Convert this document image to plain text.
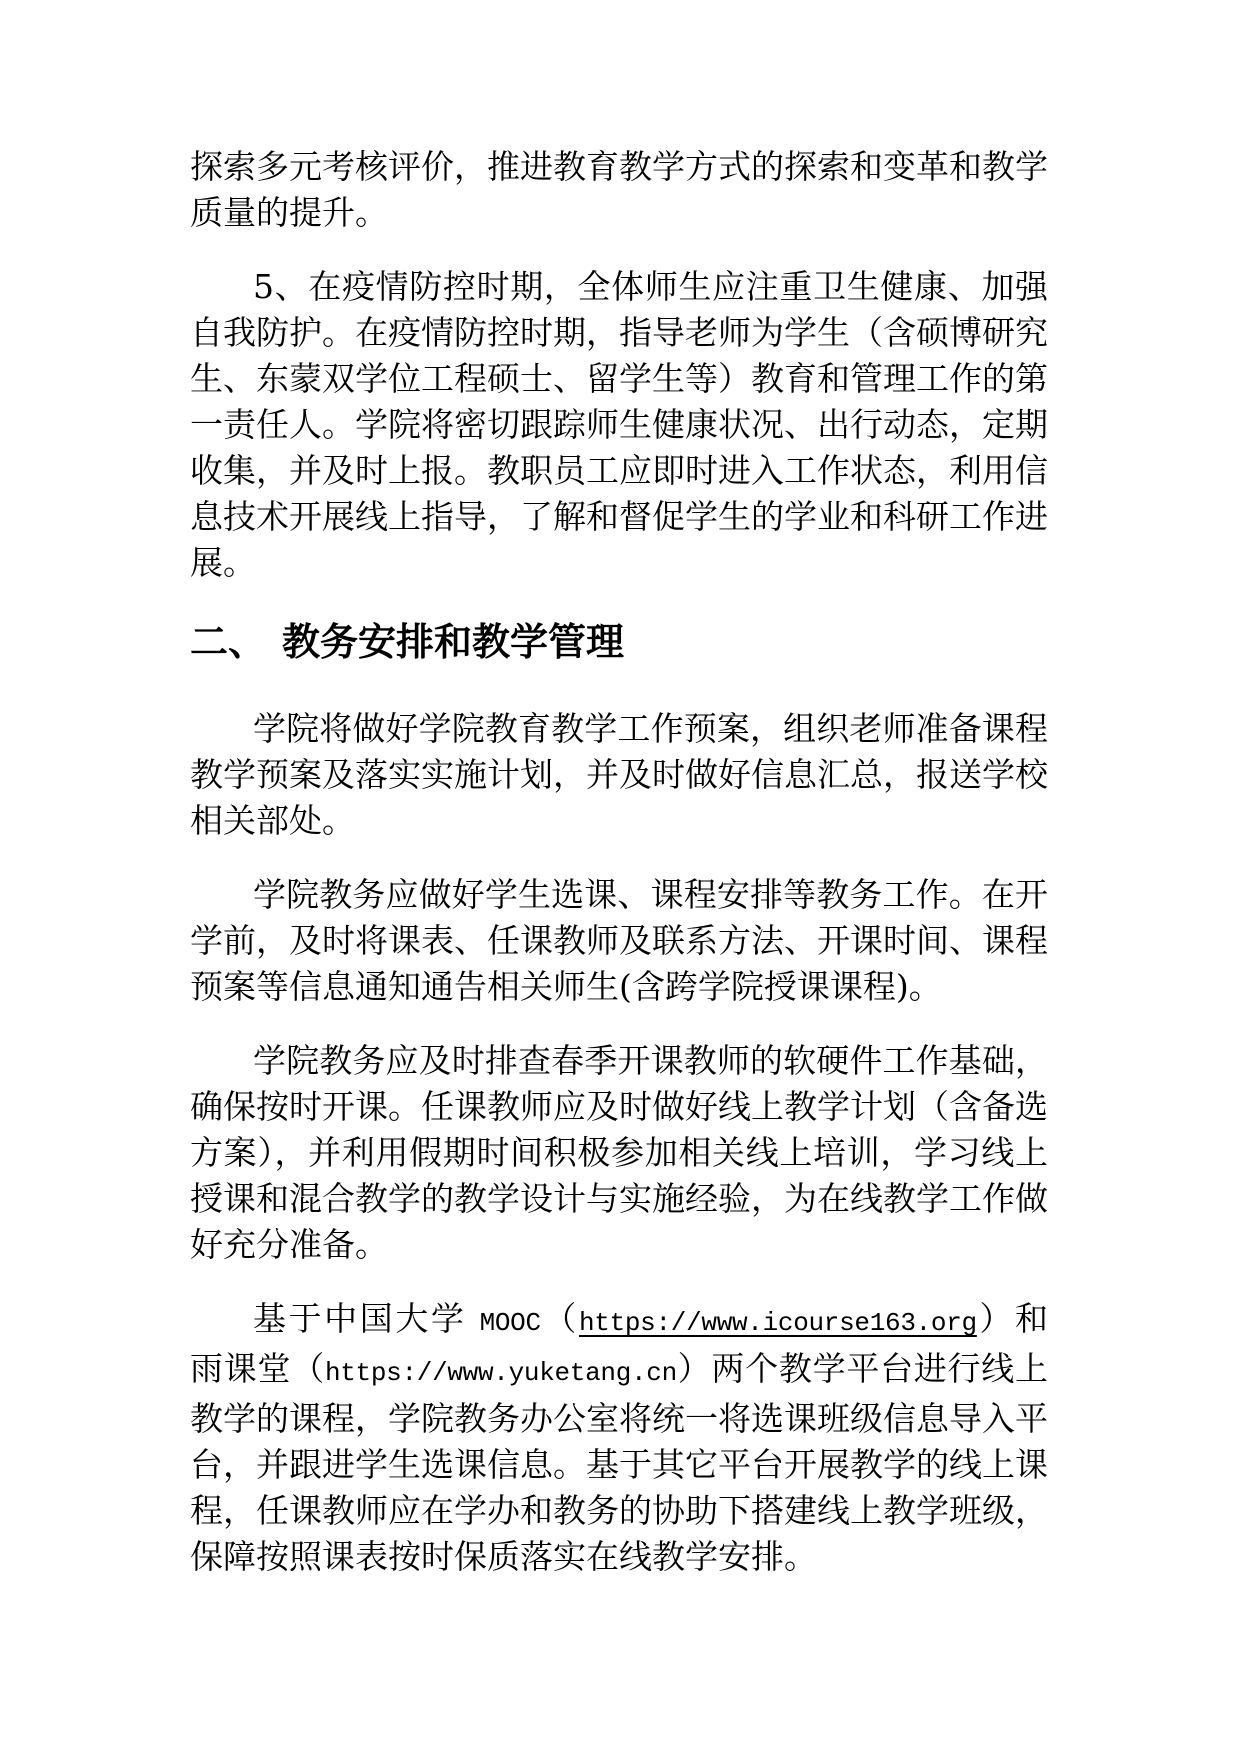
探索多元考核评价，推进教育教学方式的探索和变革和教学质量的提升。

5、在疫情防控时期，全体师生应注重卫生健康、加强自我防护。在疫情防控时期，指导老师为学生（含硕博研究生、东蒙双学位工程硕士、留学生等）教育和管理工作的第一责任人。学院将密切跟踪师生健康状况、出行动态，定期收集，并及时上报。教职员工应即时进入工作状态，利用信息技术开展线上指导，了解和督促学生的学业和科研工作进展。

二、 教务安排和教学管理

学院将做好学院教育教学工作预案，组织老师准备课程教学预案及落实实施计划，并及时做好信息汇总，报送学校相关部处。

学院教务应做好学生选课、课程安排等教务工作。在开学前，及时将课表、任课教师及联系方法、开课时间、课程预案等信息通知通告相关师生(含跨学院授课课程)。

学院教务应及时排查春季开课教师的软硬件工作基础，确保按时开课。任课教师应及时做好线上教学计划（含备选方案），并利用假期时间积极参加相关线上培训，学习线上授课和混合教学的教学设计与实施经验，为在线教学工作做好充分准备。

基于中国大学 MOOC（https://www.icourse163.org）和雨课堂（https://www.yuketang.cn）两个教学平台进行线上教学的课程，学院教务办公室将统一将选课班级信息导入平台，并跟进学生选课信息。基于其它平台开展教学的线上课程，任课教师应在学办和教务的协助下搭建线上教学班级，保障按照课表按时保质落实在线教学安排。
